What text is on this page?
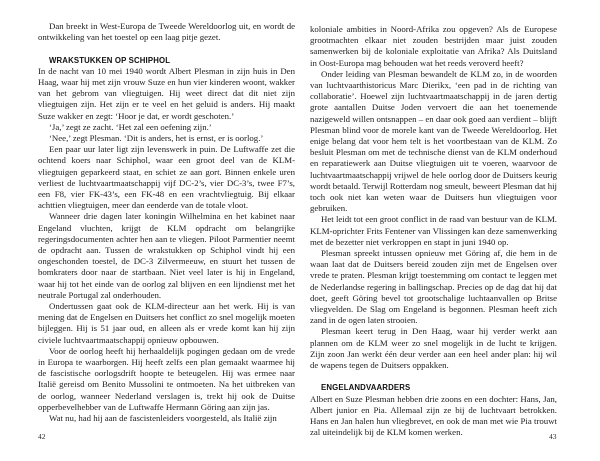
Dan breekt in West-Europa de Tweede Wereldoorlog uit, en wordt de ontwikkeling van het toestel op een laag pitje gezet.

WRAKSTUKKEN OP SCHIPHOL

In de nacht van 10 mei 1940 wordt Albert Plesman in zijn huis in Den Haag, waar hij met zijn vrouw Suze en hun vier kinderen woont, wakker van het gebrom van vliegtuigen. Hij weet direct dat dit niet zijn vliegtuigen zijn. Het zijn er te veel en het geluid is anders. Hij maakt Suze wakker en zegt: ‘Hoor je dat, er wordt geschoten.’

‘Ja,’ zegt ze zacht. ‘Het zal een oefening zijn.’

‘Nee,’ zegt Plesman. ‘Dit is anders, het is ernst, er is oorlog.’

Een paar uur later ligt zijn levenswerk in puin. De Luftwaffe zet die ochtend koers naar Schiphol, waar een groot deel van de KLM-vliegtuigen geparkeerd staat, en schiet ze aan gort. Binnen enkele uren verliest de luchtvaartmaatschappij vijf DC-2’s, vier DC-3’s, twee F7’s, een F8, vier FK-43’s, een FK-48 en een vrachtvliegtuig. Bij elkaar achttien vliegtuigen, meer dan eenderde van de totale vloot.

Wanneer drie dagen later koningin Wilhelmina en het kabinet naar Engeland vluchten, krijgt de KLM opdracht om belangrijke regeringsdocumenten achter hen aan te vliegen. Piloot Parmentier neemt de opdracht aan. Tussen de wrakstukken op Schiphol vindt hij een ongeschonden toestel, de DC-3 Zilvermeeuw, en stuurt het tussen de bomkraters door naar de startbaan. Niet veel later is hij in Engeland, waar hij tot het einde van de oorlog zal blijven en een lijndienst met het neutrale Portugal zal onderhouden.

Ondertussen gaat ook de KLM-directeur aan het werk. Hij is van mening dat de Engelsen en Duitsers het conflict zo snel mogelijk moeten bijleggen. Hij is 51 jaar oud, en alleen als er vrede komt kan hij zijn civiele luchtvaartmaatschappij opnieuw opbouwen.

Voor de oorlog heeft hij herhaaldelijk pogingen gedaan om de vrede in Europa te waarborgen. Hij heeft zelfs een plan gemaakt waarmee hij de fascistische oorlogsdrift hoopte te beteugelen. Hij was ermee naar Italië gereisd om Benito Mussolini te ontmoeten. Na het uitbreken van de oorlog, wanneer Nederland verslagen is, trekt hij ook de Duitse opperbevelhebber van de Luftwaffe Hermann Göring aan zijn jas.

Wat nu, had hij aan de fascistenleiders voorgesteld, als Italië zijn

koloniale ambities in Noord-Afrika zou opgeven? Als de Europese grootmachten elkaar niet zouden bestrijden maar juist zouden samenwerken bij de koloniale exploitatie van Afrika? Als Duitsland in Oost-Europa mag behouden wat het reeds veroverd heeft?

Onder leiding van Plesman bewandelt de KLM zo, in de woorden van luchtvaarthistoricus Marc Dierikx, ‘een pad in de richting van collaboratie’. Hoewel zijn luchtvaartmaatschappij in de jaren dertig grote aantallen Duitse Joden vervoert die aan het toenemende nazigeweld willen ontsnappen – en daar ook goed aan verdient – blijft Plesman blind voor de morele kant van de Tweede Wereldoorlog. Het enige belang dat voor hem telt is het voortbestaan van de KLM. Zo besluit Plesman om met de technische dienst van de KLM onderhoud en reparatiewerk aan Duitse vliegtuigen uit te voeren, waarvoor de luchtvaartmaatschappij vrijwel de hele oorlog door de Duitsers keurig wordt betaald. Terwijl Rotterdam nog smeult, beweert Plesman dat hij toch ook niet kan weten waar de Duitsers hun vliegtuigen voor gebruiken.

Het leidt tot een groot conflict in de raad van bestuur van de KLM. KLM-oprichter Frits Fentener van Vlissingen kan deze samenwerking met de bezetter niet verkroppen en stapt in juni 1940 op.

Plesman spreekt intussen opnieuw met Göring af, die hem in de waan laat dat de Duitsers bereid zouden zijn met de Engelsen over vrede te praten. Plesman krijgt toestemming om contact te leggen met de Nederlandse regering in ballingschap. Precies op de dag dat hij dat doet, geeft Göring bevel tot grootschalige luchtaanvallen op Britse vliegvelden. De Slag om Engeland is begonnen. Plesman heeft zich zand in de ogen laten strooien.

Plesman keert terug in Den Haag, waar hij verder werkt aan plannen om de KLM weer zo snel mogelijk in de lucht te krijgen. Zijn zoon Jan werkt één deur verder aan een heel ander plan: hij wil de wapens tegen de Duitsers oppakken.

ENGELANDVAARDERS

Albert en Suze Plesman hebben drie zoons en een dochter: Hans, Jan, Albert junior en Pia. Allemaal zijn ze bij de luchtvaart betrokken. Hans en Jan halen hun vliegbrevet, en ook de man met wie Pia trouwt zal uiteindelijk bij de KLM komen werken.

42	43
